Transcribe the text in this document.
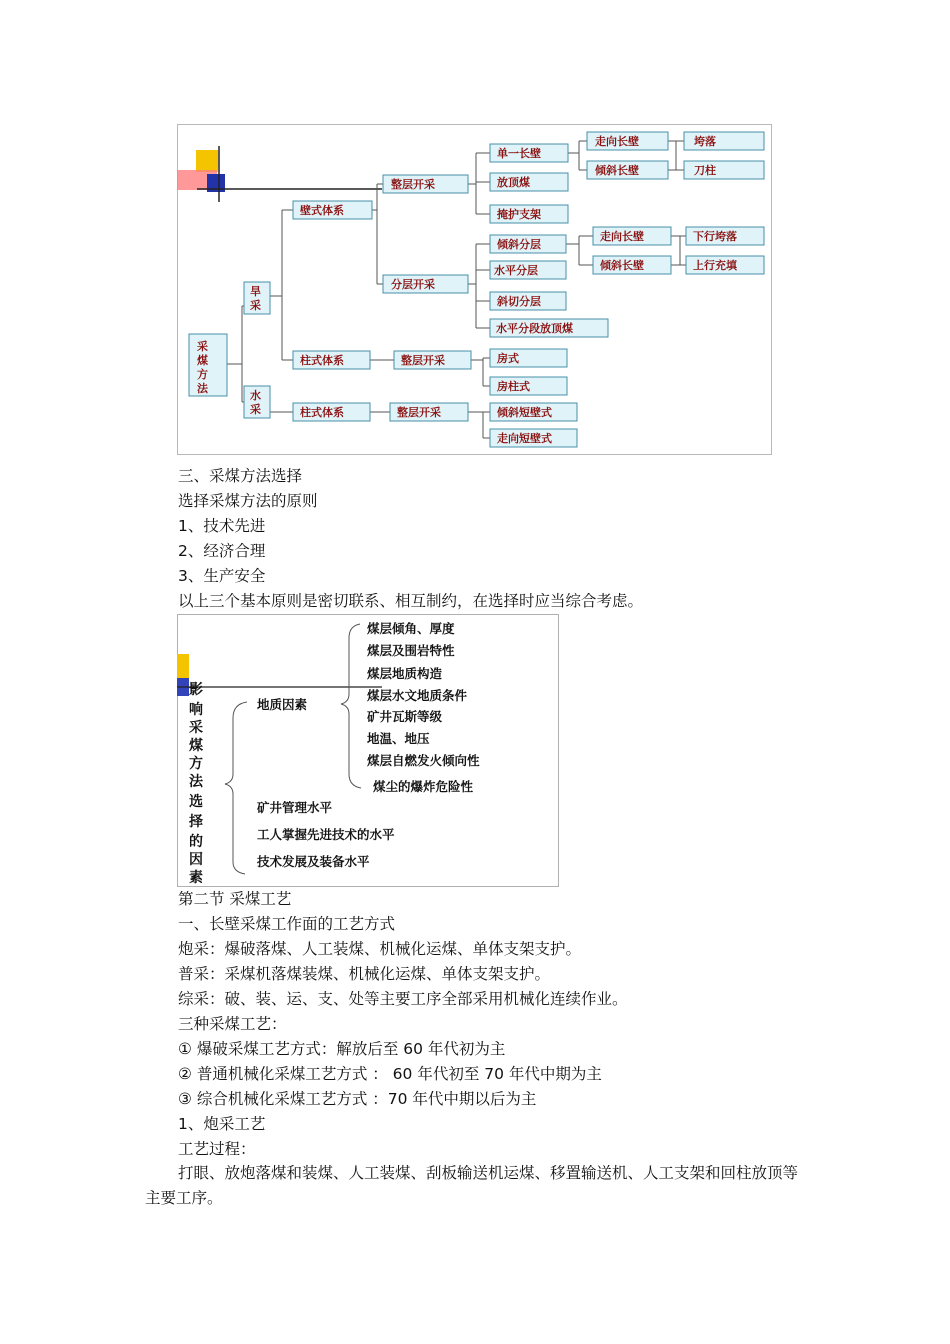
采
煤
方
法
旱
采
水
采
壁式体系
柱式体系
柱式体系
整层开采
分层开采
整层开采
整层开采
单一长壁
放顶煤
掩护支架
倾斜分层
水平分层
斜切分层
水平分段放顶煤
房式
房柱式
倾斜短壁式
走向短壁式
走向长壁
倾斜长壁
走向长壁
倾斜长壁
垮落
刀柱
下行垮落
上行充填
三、采煤方法选择
选择采煤方法的原则
1、技术先进
2、经济合理
3、生产安全
以上三个基本原则是密切联系、相互制约，在选择时应当综合考虑。
影
响
采
煤
方
法
选
择
的
因
素
地质因素
煤层倾角、厚度
煤层及围岩特性
煤层地质构造
煤层水文地质条件
矿井瓦斯等级
地温、地压
煤层自燃发火倾向性
煤尘的爆炸危险性
矿井管理水平
工人掌握先进技术的水平
技术发展及装备水平
第二节 采煤工艺
一、长壁采煤工作面的工艺方式
炮采：爆破落煤、人工装煤、机械化运煤、单体支架支护。
普采：采煤机落煤装煤、机械化运煤、单体支架支护。
综采：破、装、运、支、处等主要工序全部采用机械化连续作业。
三种采煤工艺：
① 爆破采煤工艺方式：解放后至 60 年代初为主
② 普通机械化采煤工艺方式 ： 60 年代初至 70 年代中期为主
③ 综合机械化采煤工艺方式 ：70 年代中期以后为主
1、炮采工艺
工艺过程：
打眼、放炮落煤和装煤、人工装煤、刮板输送机运煤、移置输送机、人工支架和回柱放顶等主要工序。
